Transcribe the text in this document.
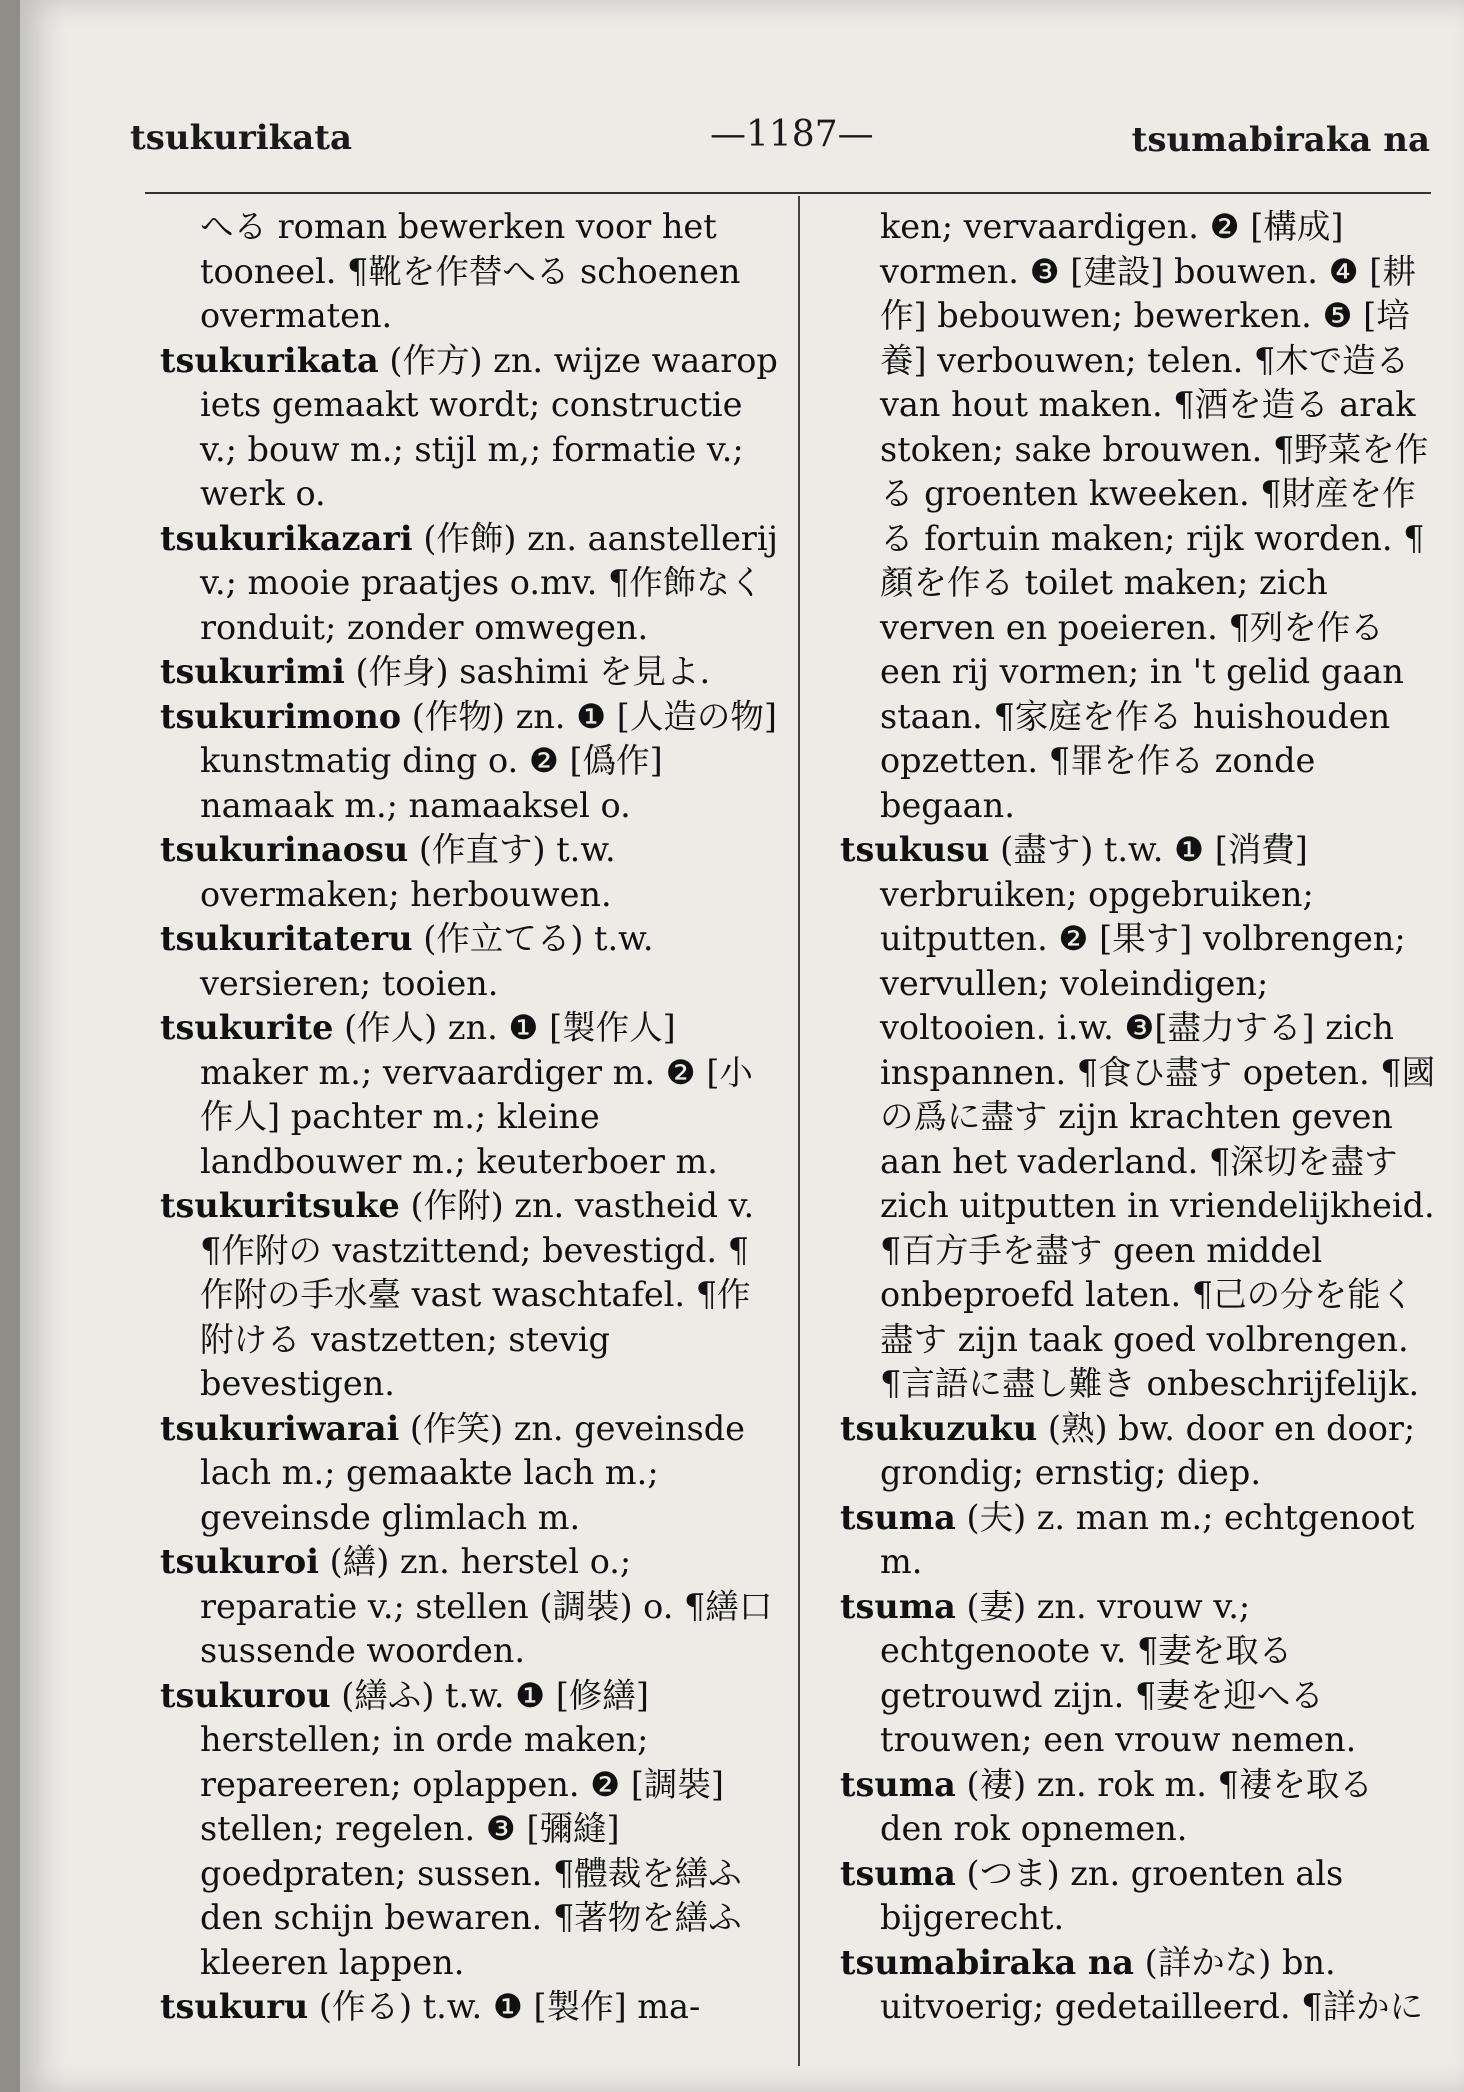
tsukurikata	—1187—	tsumabiraka na

へる roman bewerken voor het tooneel. ¶靴を作替へる schoenen overmaten.

tsukurikata (作方) zn. wijze waarop iets gemaakt wordt; constructie v.; bouw m.; stijl m,; formatie v.; werk o.

tsukurikazari (作飾) zn. aanstellerij v.; mooie praatjes o.mv. ¶作飾なく ronduit; zonder omwegen.

tsukurimi (作身) sashimi を見よ.

tsukurimono (作物) zn. ❶ [人造の物] kunstmatig ding o. ❷ [僞作] namaak m.; namaaksel o.

tsukurinaosu (作直す) t.w. overmaken; herbouwen.

tsukuritateru (作立てる) t.w. versieren; tooien.

tsukurite (作人) zn. ❶ [製作人] maker m.; vervaardiger m. ❷ [小作人] pachter m.; kleine landbouwer m.; keuterboer m.

tsukuritsuke (作附) zn. vastheid v. ¶作附の vastzittend; bevestigd. ¶作附の手水臺 vast waschtafel. ¶作附ける vastzetten; stevig bevestigen.

tsukuriwarai (作笑) zn. geveinsde lach m.; gemaakte lach m.; geveinsde glimlach m.

tsukuroi (繕) zn. herstel o.; reparatie v.; stellen (調裝) o. ¶繕口 sussende woorden.

tsukurou (繕ふ) t.w. ❶ [修繕] herstellen; in orde maken; repareeren; oplappen. ❷ [調裝] stellen; regelen. ❸ [彌縫] goedpraten; sussen. ¶體裁を繕ふ den schijn bewaren. ¶著物を繕ふ kleeren lappen.

tsukuru (作る) t.w. ❶ [製作] ma-

ken; vervaardigen. ❷ [構成] vormen. ❸ [建設] bouwen. ❹ [耕作] bebouwen; bewerken. ❺ [培養] verbouwen; telen. ¶木で造る van hout maken. ¶酒を造る arak stoken; sake brouwen. ¶野菜を作る groenten kweeken. ¶財産を作る fortuin maken; rijk worden. ¶顏を作る toilet maken; zich verven en poeieren. ¶列を作る een rij vormen; in 't gelid gaan staan. ¶家庭を作る huishouden opzetten. ¶罪を作る zonde begaan.

tsukusu (盡す) t.w. ❶ [消費] verbruiken; opgebruiken; uitputten. ❷ [果す] volbrengen; vervullen; voleindigen; voltooien. i.w. ❸[盡力する] zich inspannen. ¶食ひ盡す opeten. ¶國の爲に盡す zijn krachten geven aan het vaderland. ¶深切を盡す zich uitputten in vriendelijkheid. ¶百方手を盡す geen middel onbeproefd laten. ¶己の分を能く盡す zijn taak goed volbrengen. ¶言語に盡し難き onbeschrijfelijk.

tsukuzuku (熟) bw. door en door; grondig; ernstig; diep.

tsuma (夫) z. man m.; echtgenoot m.

tsuma (妻) zn. vrouw v.; echtgenoote v. ¶妻を取る getrouwd zijn. ¶妻を迎へる trouwen; een vrouw nemen.

tsuma (褄) zn. rok m. ¶褄を取る den rok opnemen.

tsuma (つま) zn. groenten als bijgerecht.

tsumabiraka na (詳かな) bn. uitvoerig; gedetailleerd. ¶詳かに
